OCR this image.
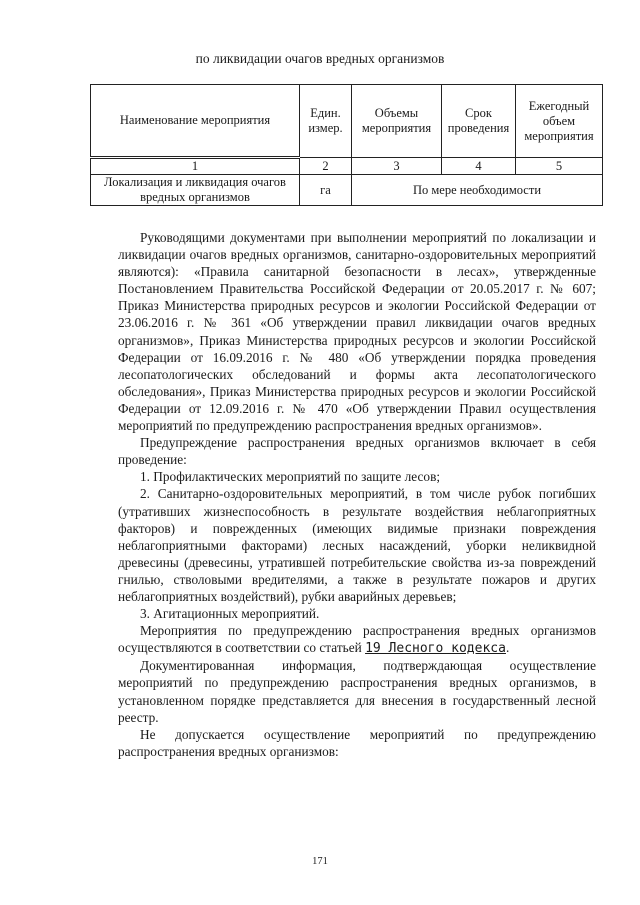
по ликвидации очагов вредных организмов
Наименование мероприятия	Един. измер.	Объемы мероприятия	Срок проведения	Ежегодный объем мероприятия
1	2	3	4	5
Локализация и ликвидация очагов вредных организмов	га	По мере необходимости		

Руководящими документами при выполнении мероприятий по локализации и ликвидации очагов вредных организмов, санитарно-оздоровительных мероприятий являются): «Правила санитарной безопасности в лесах», утвержденные Постановлением Правительства Российской Федерации от 20.05.2017 г. № 607; Приказ Министерства природных ресурсов и экологии Российской Федерации от 23.06.2016 г. № 361 «Об утверждении правил ликвидации очагов вредных организмов», Приказ Министерства природных ресурсов и экологии Российской Федерации от 16.09.2016 г. № 480 «Об утверждении порядка проведения лесопатологических обследований и формы акта лесопатологического обследования», Приказ Министерства природных ресурсов и экологии Российской Федерации от 12.09.2016 г. № 470 «Об утверждении Правил осуществления мероприятий по предупреждению распространения вредных организмов».

Предупреждение распространения вредных организмов включает в себя проведение:

1. Профилактических мероприятий по защите лесов;

2. Санитарно-оздоровительных мероприятий, в том числе рубок погибших (утративших жизнеспособность в результате воздействия неблагоприятных факторов) и поврежденных (имеющих видимые признаки повреждения неблагоприятными факторами) лесных насаждений, уборки неликвидной древесины (древесины, утратившей потребительские свойства из-за повреждений гнилью, стволовыми вредителями, а также в результате пожаров и других неблагоприятных воздействий), рубки аварийных деревьев;

3. Агитационных мероприятий.

Мероприятия по предупреждению распространения вредных организмов осуществляются в соответствии со статьей 19 Лесного кодекса.

Документированная информация, подтверждающая осуществление мероприятий по предупреждению распространения вредных организмов, в установленном порядке представляется для внесения в государственный лесной реестр.

Не допускается осуществление мероприятий по предупреждению распространения вредных организмов:

171
